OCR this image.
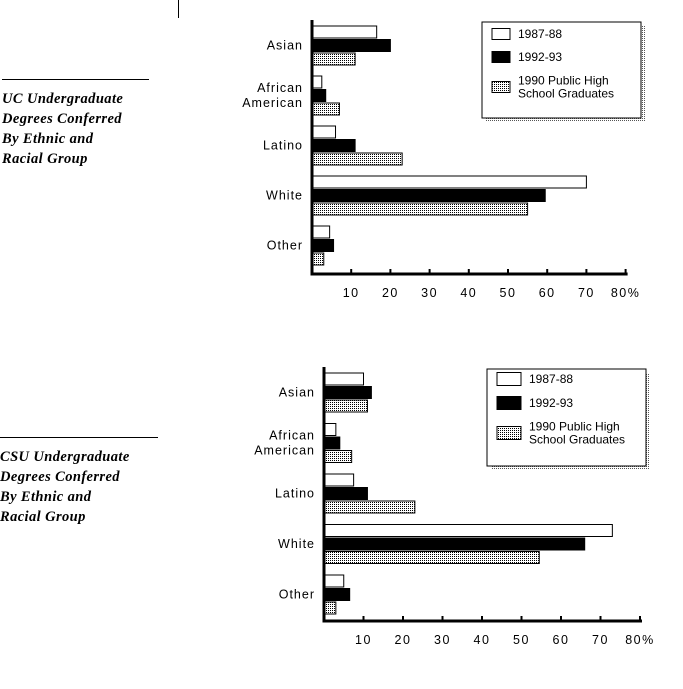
UC Undergraduate
Degrees Conferred
By Ethnic and
Racial Group
CSU Undergraduate
Degrees Conferred
By Ethnic and
Racial Group
Asian
African
American
Latino
White
Other
10 20 30 40 50 60 70 80%
1987-88
1992-93
1990 Public High
School Graduates
Asian
African
American
Latino
White
Other
10 20 30 40 50 60 70 80%
1987-88
1992-93
1990 Public High
School Graduates
